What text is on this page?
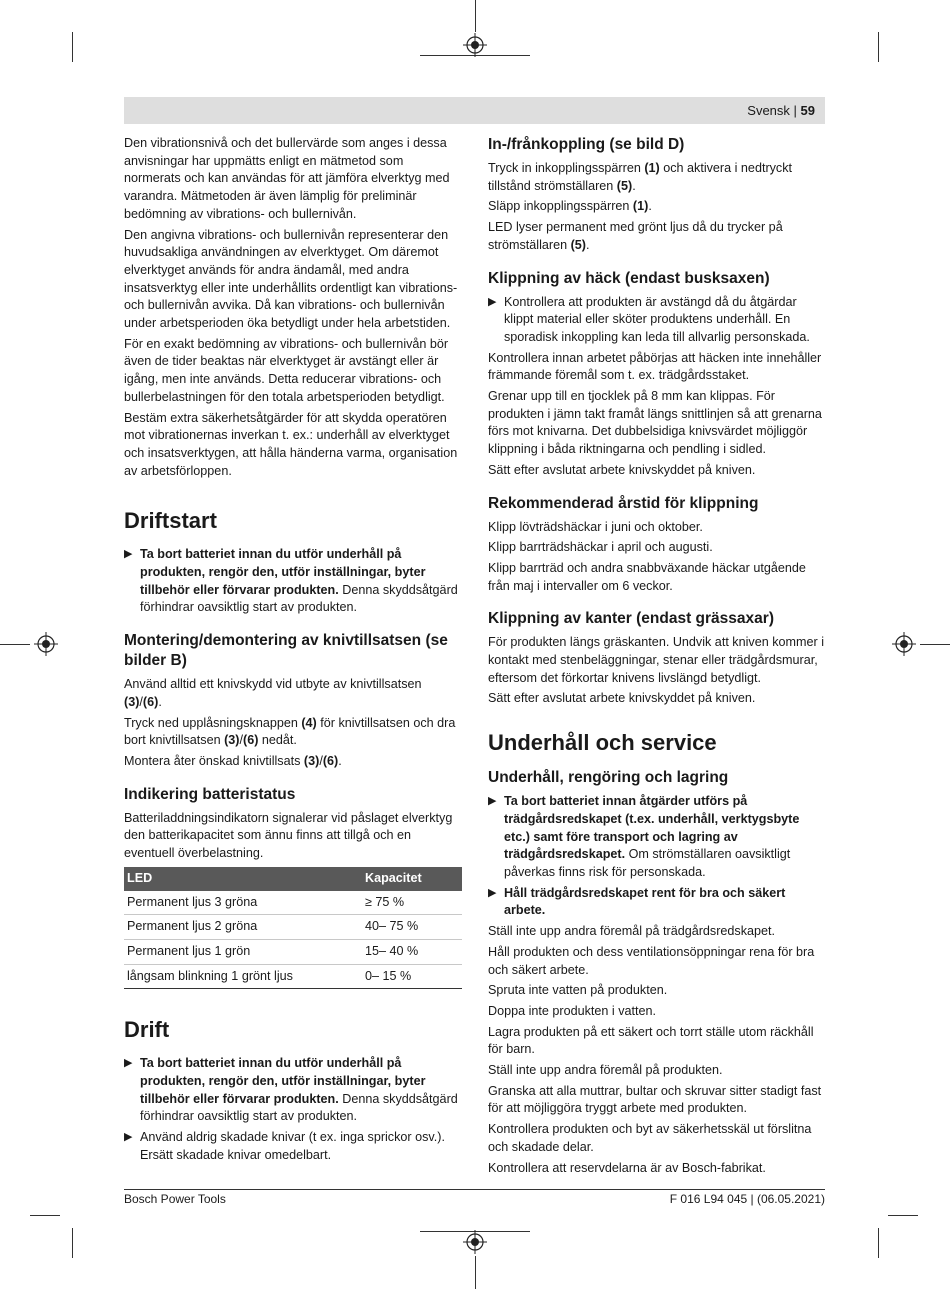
Svensk | 59

Den vibrationsnivå och det bullervärde som anges i dessa anvisningar har uppmätts enligt en mätmetod som normerats och kan användas för att jämföra elverktyg med varandra. Mätmetoden är även lämplig för preliminär bedömning av vibrations- och bullernivån.

Den angivna vibrations- och bullernivån representerar den huvudsakliga användningen av elverktyget. Om däremot elverktyget används för andra ändamål, med andra insatsverktyg eller inte underhållits ordentligt kan vibrations- och bullernivån avvika. Då kan vibrations- och bullernivån under arbetsperioden öka betydligt under hela arbetstiden.

För en exakt bedömning av vibrations- och bullernivån bör även de tider beaktas när elverktyget är avstängt eller är igång, men inte används. Detta reducerar vibrations- och bullerbelastningen för den totala arbetsperioden betydligt.

Bestäm extra säkerhetsåtgärder för att skydda operatören mot vibrationernas inverkan t. ex.: underhåll av elverktyget och insatsverktygen, att hålla händerna varma, organisation av arbetsförloppen.

Driftstart
▶ Ta bort batteriet innan du utför underhåll på produkten, rengör den, utför inställningar, byter tillbehör eller förvarar produkten. Denna skyddsåtgärd förhindrar oavsiktlig start av produkten.
Montering/demontering av knivtillsatsen (se bilder B)

Använd alltid ett knivskydd vid utbyte av knivtillsatsen (3)/(6).

Tryck ned upplåsningsknappen (4) för knivtillsatsen och dra bort knivtillsatsen (3)/(6) nedåt.

Montera åter önskad knivtillsats (3)/(6).

Indikering batteristatus

Batteriladdningsindikatorn signalerar vid påslaget elverktyg den batterikapacitet som ännu finns att tillgå och en eventuell överbelastning.

LED	Kapacitet
Permanent ljus 3 gröna	≥ 75 %
Permanent ljus 2 gröna	40– 75 %
Permanent ljus 1 grön	15– 40 %
långsam blinkning 1 grönt ljus	0– 15 %
Drift
▶ Ta bort batteriet innan du utför underhåll på produkten, rengör den, utför inställningar, byter tillbehör eller förvarar produkten. Denna skyddsåtgärd förhindrar oavsiktlig start av produkten.
▶ Använd aldrig skadade knivar (t ex. inga sprickor osv.). Ersätt skadade knivar omedelbart.
In-/frånkoppling (se bild D)

Tryck in inkopplingsspärren (1) och aktivera i nedtryckt tillstånd strömställaren (5).

Släpp inkopplingsspärren (1).

LED lyser permanent med grönt ljus då du trycker på strömställaren (5).

Klippning av häck (endast busksaxen)
▶ Kontrollera att produkten är avstängd då du åtgärdar klippt material eller sköter produktens underhåll. En sporadisk inkoppling kan leda till allvarlig personskada.

Kontrollera innan arbetet påbörjas att häcken inte innehåller främmande föremål som t. ex. trädgårdsstaket.

Grenar upp till en tjocklek på 8 mm kan klippas. För produkten i jämn takt framåt längs snittlinjen så att grenarna förs mot knivarna. Det dubbelsidiga knivsvärdet möjliggör klippning i båda riktningarna och pendling i sidled.

Sätt efter avslutat arbete knivskyddet på kniven.

Rekommenderad årstid för klippning

Klipp lövträdshäckar i juni och oktober.

Klipp barrträdshäckar i april och augusti.

Klipp barrträd och andra snabbväxande häckar utgående från maj i intervaller om 6 veckor.

Klippning av kanter (endast grässaxar)

För produkten längs gräskanten. Undvik att kniven kommer i kontakt med stenbeläggningar, stenar eller trädgårdsmurar, eftersom det förkortar knivens livslängd betydligt.

Sätt efter avslutat arbete knivskyddet på kniven.

Underhåll och service
Underhåll, rengöring och lagring
▶ Ta bort batteriet innan åtgärder utförs på trädgårdsredskapet (t.ex. underhåll, verktygsbyte etc.) samt före transport och lagring av trädgårdsredskapet. Om strömställaren oavsiktligt påverkas finns risk för personskada.
▶ Håll trädgårdsredskapet rent för bra och säkert arbete.

Ställ inte upp andra föremål på trädgårdsredskapet.

Håll produkten och dess ventilationsöppningar rena för bra och säkert arbete.

Spruta inte vatten på produkten.

Doppa inte produkten i vatten.

Lagra produkten på ett säkert och torrt ställe utom räckhåll för barn.

Ställ inte upp andra föremål på produkten.

Granska att alla muttrar, bultar och skruvar sitter stadigt fast för att möjliggöra tryggt arbete med produkten.

Kontrollera produkten och byt av säkerhetsskäl ut förslitna och skadade delar.

Kontrollera att reservdelarna är av Bosch-fabrikat.

Bosch Power Tools	F 016 L94 045 | (06.05.2021)
